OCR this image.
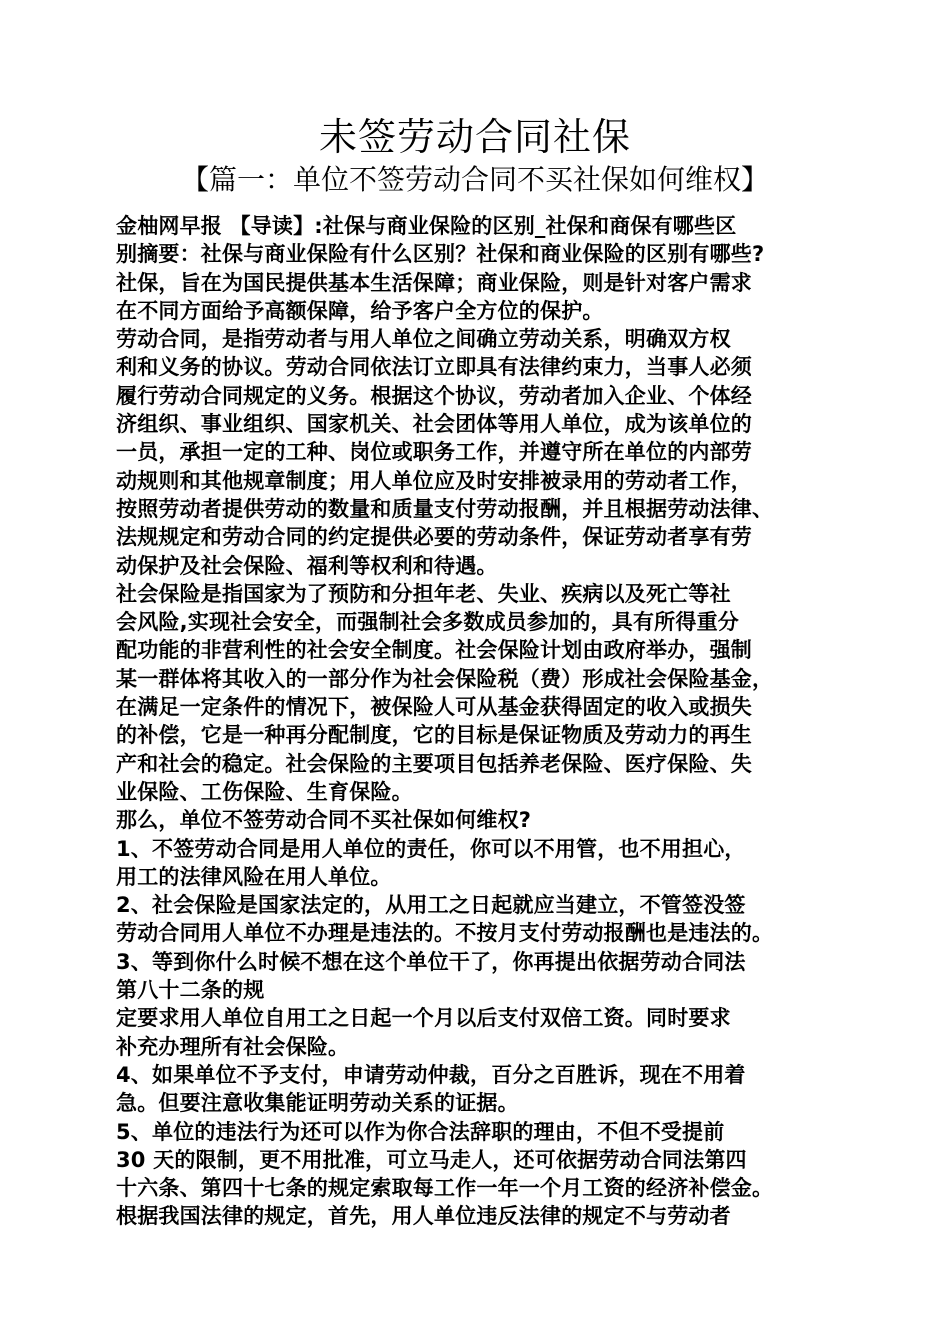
未签劳动合同社保
【篇一：单位不签劳动合同不买社保如何维权】
金柚网早报 【导读】:社保与商业保险的区别_社保和商保有哪些区
别摘要：社保与商业保险有什么区别？社保和商业保险的区别有哪些?
社保，旨在为国民提供基本生活保障；商业保险，则是针对客户需求
在不同方面给予高额保障，给予客户全方位的保护。
劳动合同，是指劳动者与用人单位之间确立劳动关系，明确双方权
利和义务的协议。劳动合同依法订立即具有法律约束力，当事人必须
履行劳动合同规定的义务。根据这个协议，劳动者加入企业、个体经
济组织、事业组织、国家机关、社会团体等用人单位，成为该单位的
一员，承担一定的工种、岗位或职务工作，并遵守所在单位的内部劳
动规则和其他规章制度；用人单位应及时安排被录用的劳动者工作，
按照劳动者提供劳动的数量和质量支付劳动报酬，并且根据劳动法律、
法规规定和劳动合同的约定提供必要的劳动条件，保证劳动者享有劳
动保护及社会保险、福利等权利和待遇。
社会保险是指国家为了预防和分担年老、失业、疾病以及死亡等社
会风险,实现社会安全，而强制社会多数成员参加的，具有所得重分
配功能的非营利性的社会安全制度。社会保险计划由政府举办，强制
某一群体将其收入的一部分作为社会保险税（费）形成社会保险基金，
在满足一定条件的情况下，被保险人可从基金获得固定的收入或损失
的补偿，它是一种再分配制度，它的目标是保证物质及劳动力的再生
产和社会的稳定。社会保险的主要项目包括养老保险、医疗保险、失
业保险、工伤保险、生育保险。
那么，单位不签劳动合同不买社保如何维权?
1、不签劳动合同是用人单位的责任，你可以不用管，也不用担心，
用工的法律风险在用人单位。
2、社会保险是国家法定的，从用工之日起就应当建立，不管签没签
劳动合同用人单位不办理是违法的。不按月支付劳动报酬也是违法的。
3、等到你什么时候不想在这个单位干了，你再提出依据劳动合同法
第八十二条的规
定要求用人单位自用工之日起一个月以后支付双倍工资。同时要求
补充办理所有社会保险。
4、如果单位不予支付，申请劳动仲裁，百分之百胜诉，现在不用着
急。但要注意收集能证明劳动关系的证据。
5、单位的违法行为还可以作为你合法辞职的理由，不但不受提前
30 天的限制，更不用批准，可立马走人，还可依据劳动合同法第四
十六条、第四十七条的规定索取每工作一年一个月工资的经济补偿金。
根据我国法律的规定，首先，用人单位违反法律的规定不与劳动者
